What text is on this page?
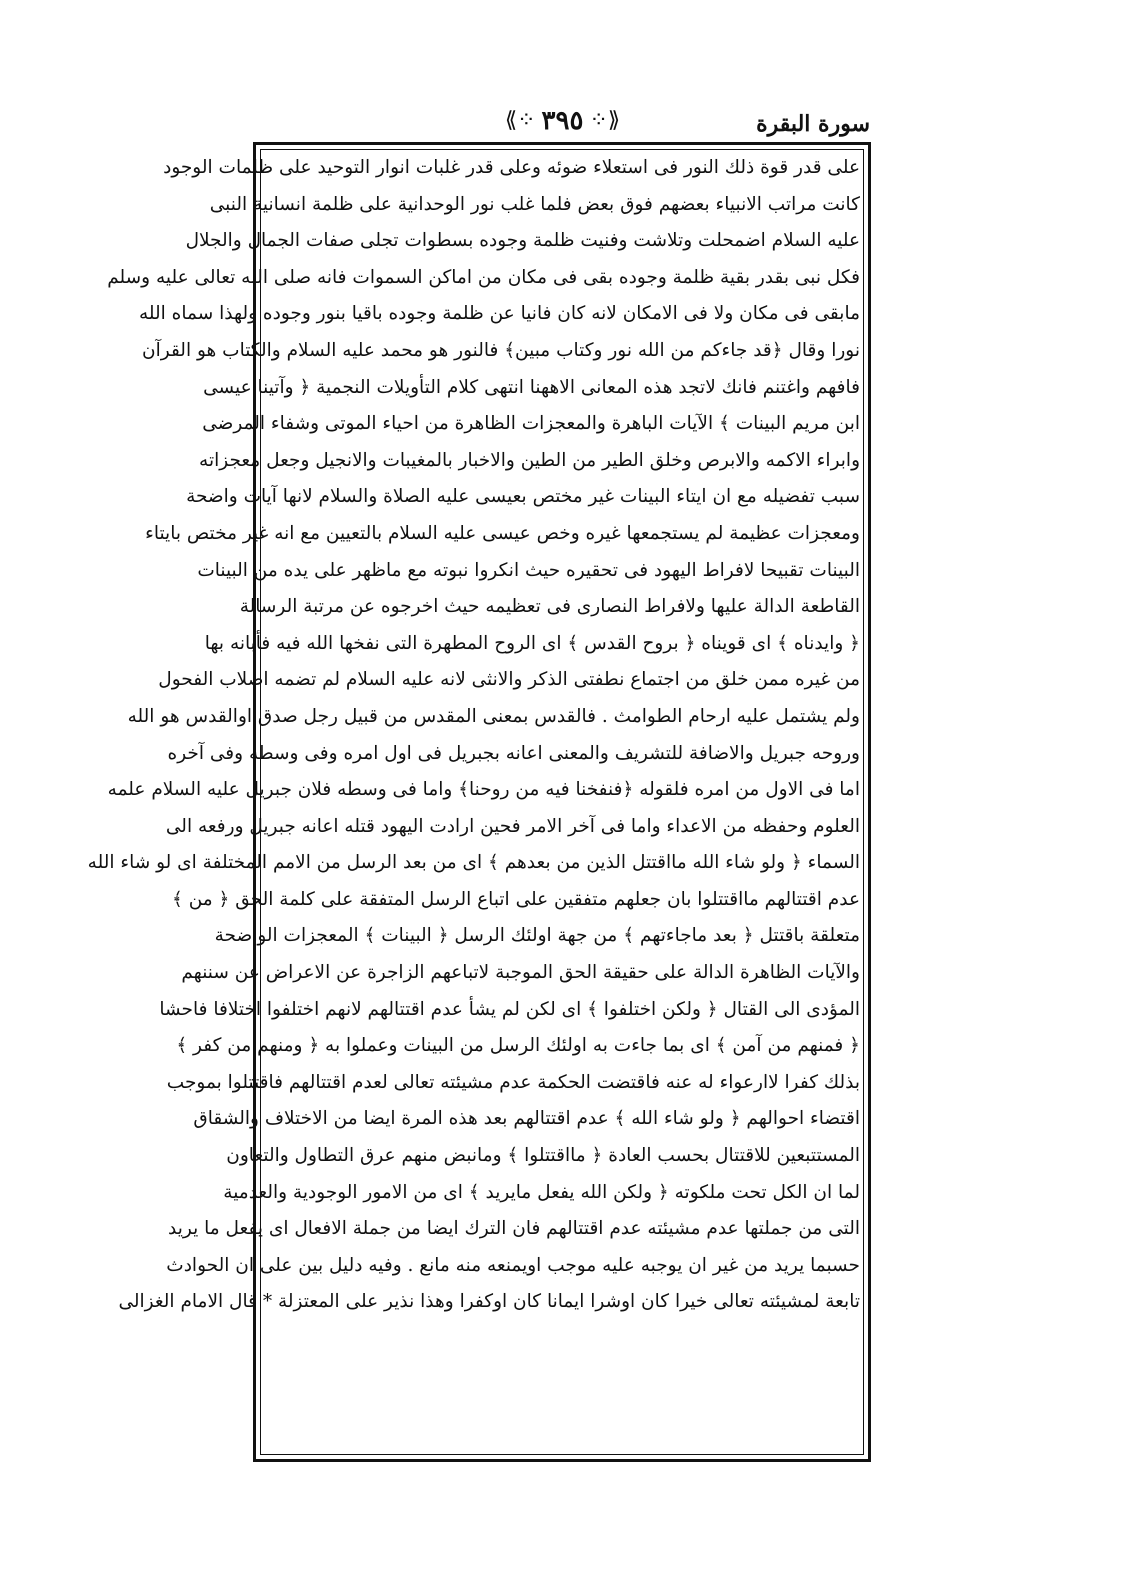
سورة البقرة
⟪⁘ ٣٩٥ ⁘⟫
على قدر قوة ذلك النور فى استعلاء ضوئه وعلى قدر غلبات انوار التوحيد على ظلمات الوجود
كانت مراتب الانبياء بعضهم فوق بعض فلما غلب نور الوحدانية على ظلمة انسانية النبى
عليه السلام اضمحلت وتلاشت وفنيت ظلمة وجوده بسطوات تجلى صفات الجمال والجلال
فكل نبى بقدر بقية ظلمة وجوده بقى فى مكان من اماكن السموات فانه صلى الله تعالى عليه وسلم
مابقى فى مكان ولا فى الامكان لانه كان فانيا عن ظلمة وجوده باقيا بنور وجوده ولهذا سماه الله
نورا وقال ﴿قد جاءكم من الله نور وكتاب مبين﴾ فالنور هو محمد عليه السلام والكتاب هو القرآن
فافهم واغتنم فانك لاتجد هذه المعانى الاههنا انتهى كلام التأويلات النجمية ﴿ وآتينا عيسى
ابن مريم البينات ﴾ الآيات الباهرة والمعجزات الظاهرة من احياء الموتى وشفاء المرضى
وابراء الاكمه والابرص وخلق الطير من الطين والاخبار بالمغيبات والانجيل وجعل معجزاته
سبب تفضيله مع ان ايتاء البينات غير مختص بعيسى عليه الصلاة والسلام لانها آيات واضحة
ومعجزات عظيمة لم يستجمعها غيره وخص عيسى عليه السلام بالتعيين مع انه غير مختص بايتاء
البينات تقبيحا لافراط اليهود فى تحقيره حيث انكروا نبوته مع ماظهر على يده من البينات
القاطعة الدالة عليها ولافراط النصارى فى تعظيمه حيث اخرجوه عن مرتبة الرسالة
﴿ وايدناه ﴾ اى قويناه ﴿ بروح القدس ﴾ اى الروح المطهرة التى نفخها الله فيه فأبانه بها
من غيره ممن خلق من اجتماع نطفتى الذكر والانثى لانه عليه السلام لم تضمه اصلاب الفحول
ولم يشتمل عليه ارحام الطوامث . فالقدس بمعنى المقدس من قبيل رجل صدق اوالقدس هو الله
وروحه جبريل والاضافة للتشريف والمعنى اعانه بجبريل فى اول امره وفى وسطه وفى آخره
اما فى الاول من امره فلقوله ﴿فنفخنا فيه من روحنا﴾ واما فى وسطه فلان جبريل عليه السلام علمه
العلوم وحفظه من الاعداء واما فى آخر الامر فحين ارادت اليهود قتله اعانه جبريل ورفعه الى
السماء ﴿ ولو شاء الله مااقتتل الذين من بعدهم ﴾ اى من بعد الرسل من الامم المختلفة اى لو شاء الله
عدم اقتتالهم مااقتتلوا بان جعلهم متفقين على اتباع الرسل المتفقة على كلمة الحق ﴿ من ﴾
متعلقة باقتتل ﴿ بعد ماجاءتهم ﴾ من جهة اولئك الرسل ﴿ البينات ﴾ المعجزات الواضحة
والآيات الظاهرة الدالة على حقيقة الحق الموجبة لاتباعهم الزاجرة عن الاعراض عن سننهم
المؤدى الى القتال ﴿ ولكن اختلفوا ﴾ اى لكن لم يشأ عدم اقتتالهم لانهم اختلفوا اختلافا فاحشا
﴿ فمنهم من آمن ﴾ اى بما جاءت به اولئك الرسل من البينات وعملوا به ﴿ ومنهم من كفر ﴾
بذلك كفرا لاارعواء له عنه فاقتضت الحكمة عدم مشيئته تعالى لعدم اقتتالهم فاقتتلوا بموجب
اقتضاء احوالهم ﴿ ولو شاء الله ﴾ عدم اقتتالهم بعد هذه المرة ايضا من الاختلاف والشقاق
المستتبعين للاقتتال بحسب العادة ﴿ مااقتتلوا ﴾ ومانبض منهم عرق التطاول والتعاون
لما ان الكل تحت ملكوته ﴿ ولكن الله يفعل مايريد ﴾ اى من الامور الوجودية والعدمية
التى من جملتها عدم مشيئته عدم اقتتالهم فان الترك ايضا من جملة الافعال اى يفعل ما يريد
حسبما يريد من غير ان يوجبه عليه موجب اويمنعه منه مانع . وفيه دليل بين على ان الحوادث
تابعة لمشيئته تعالى خيرا كان اوشرا ايمانا كان اوكفرا وهذا نذير على المعتزلة * قال الامام الغزالى
